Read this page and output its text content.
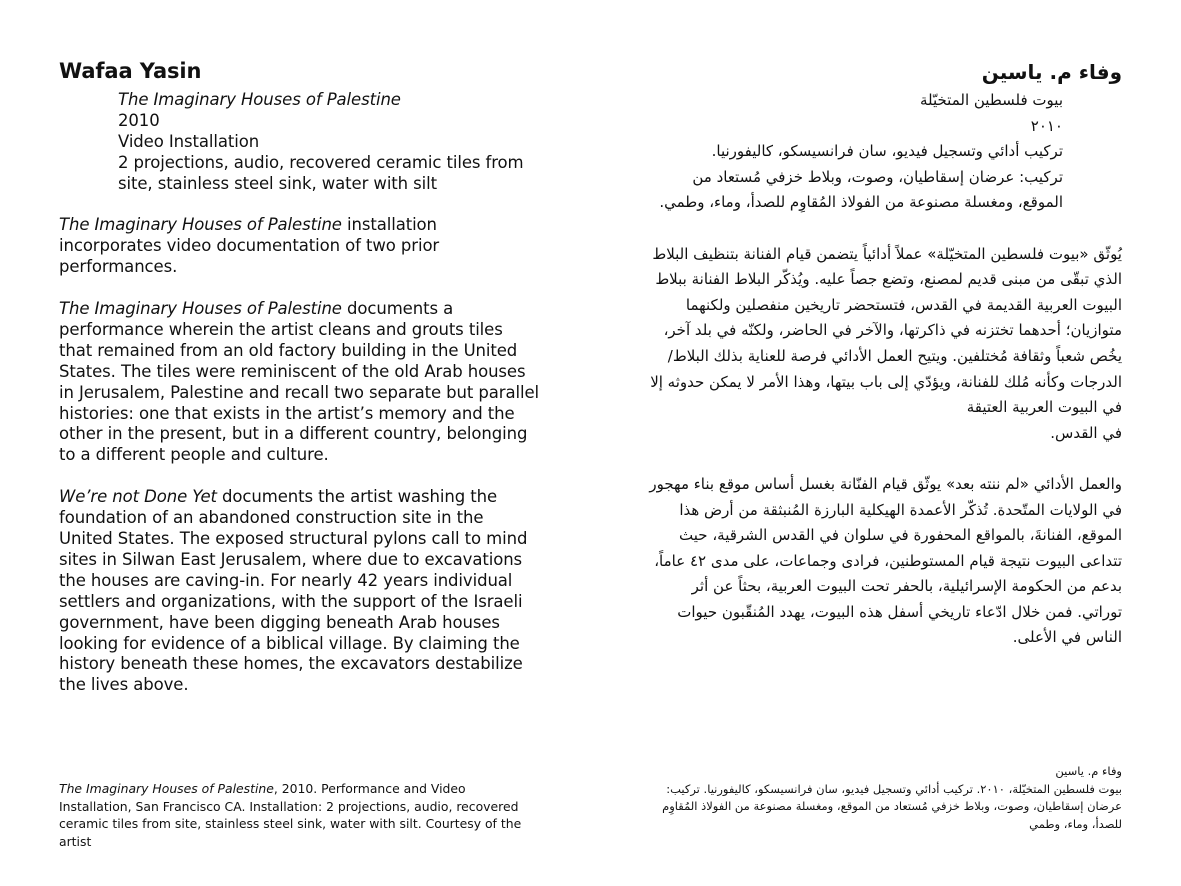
Wafaa Yasin
The Imaginary Houses of Palestine
2010
Video Installation
2 projections, audio, recovered ceramic tiles from
site, stainless steel sink, water with silt

The Imaginary Houses of Palestine installation incorporates video documentation of two prior performances.

The Imaginary Houses of Palestine documents a performance wherein the artist cleans and grouts tiles that remained from an old factory building in the United States. The tiles were reminiscent of the old Arab houses in Jerusalem, Palestine and recall two separate but parallel histories: one that exists in the artist’s memory and the other in the present, but in a different country, belonging to a different people and culture.

We’re not Done Yet documents the artist washing the foundation of an abandoned construction site in the United States. The exposed structural pylons call to mind sites in Silwan East Jerusalem, where due to excavations the houses are caving-in. For nearly 42 years individual settlers and organizations, with the support of the Israeli government, have been digging beneath Arab houses looking for evidence of a biblical village. By claiming the history beneath these homes, the excavators destabilize the lives above.

وفاء م. ياسين
بيوت فلسطين المتخيّلة
٢٠١٠
تركيب أدائي وتسجيل فيديو، سان فرانسيسكو، كاليفورنيا.
تركيب: عرضان إسقاطيان، وصوت، وبلاط خزفي مُستعاد من الموقع، ومغسلة مصنوعة من الفولاذ المُقاوِم للصدأ، وماء، وطمي.

يُوثّق «بيوت فلسطين المتخيّلة» عملاً أدائياً يتضمن قيام الفنانة بتنظيف البلاط الذي تبقّى من مبنى قديم لمصنع، وتضع جصاً عليه. ويُذكّر البلاط الفنانة ببلاط البيوت العربية القديمة في القدس، فتستحضر تاريخين منفصلين ولكنهما متوازيان؛ أحدهما تختزنه في ذاكرتها، والآخر في الحاضر، ولكنّه في بلد آخر، يخُص شعباً وثقافة مُختلفين. ويتيح العمل الأدائي فرصة للعناية بذلك البلاط/الدرجات وكأنه مُلك للفنانة، ويؤدّي إلى باب بيتها، وهذا الأمر لا يمكن حدوثه إلا في البيوت العربية العتيقة

في القدس.

والعمل الأدائي «لم ننته بعد» يوثّق قيام الفنّانة بغسل أساس موقع بناء مهجور في الولايات المتّحدة. تُذكّر الأعمدة الهيكلية البارزة المُنبثقة من أرض هذا الموقع، الفنانةَ، بالمواقع المحفورة في سلوان في القدس الشرقية، حيث تتداعى البيوت نتيجة قيام المستوطنين، فرادى وجماعات، على مدى ٤٢ عاماً، بدعم من الحكومة الإسرائيلية، بالحفر تحت البيوت العربية، بحثاً عن أثر توراتي. فمن خلال ادّعاء تاريخي أسفل هذه البيوت، يهدد المُنقّبون حيوات الناس في الأعلى.

The Imaginary Houses of Palestine, 2010. Performance and Video Installation, San Francisco CA. Installation: 2 projections, audio, recovered ceramic tiles from site, stainless steel sink, water with silt. Courtesy of the artist
وفاء م. ياسين
بيوت فلسطين المتخيّلة، ٢٠١٠. تركيب أدائي وتسجيل فيديو، سان فرانسيسكو، كاليفورنيا. تركيب: عرضان إسقاطيان، وصوت، وبلاط خزفي مُستعاد من الموقع، ومغسلة مصنوعة من الفولاذ المُقاوِم للصدأ، وماء، وطمي
